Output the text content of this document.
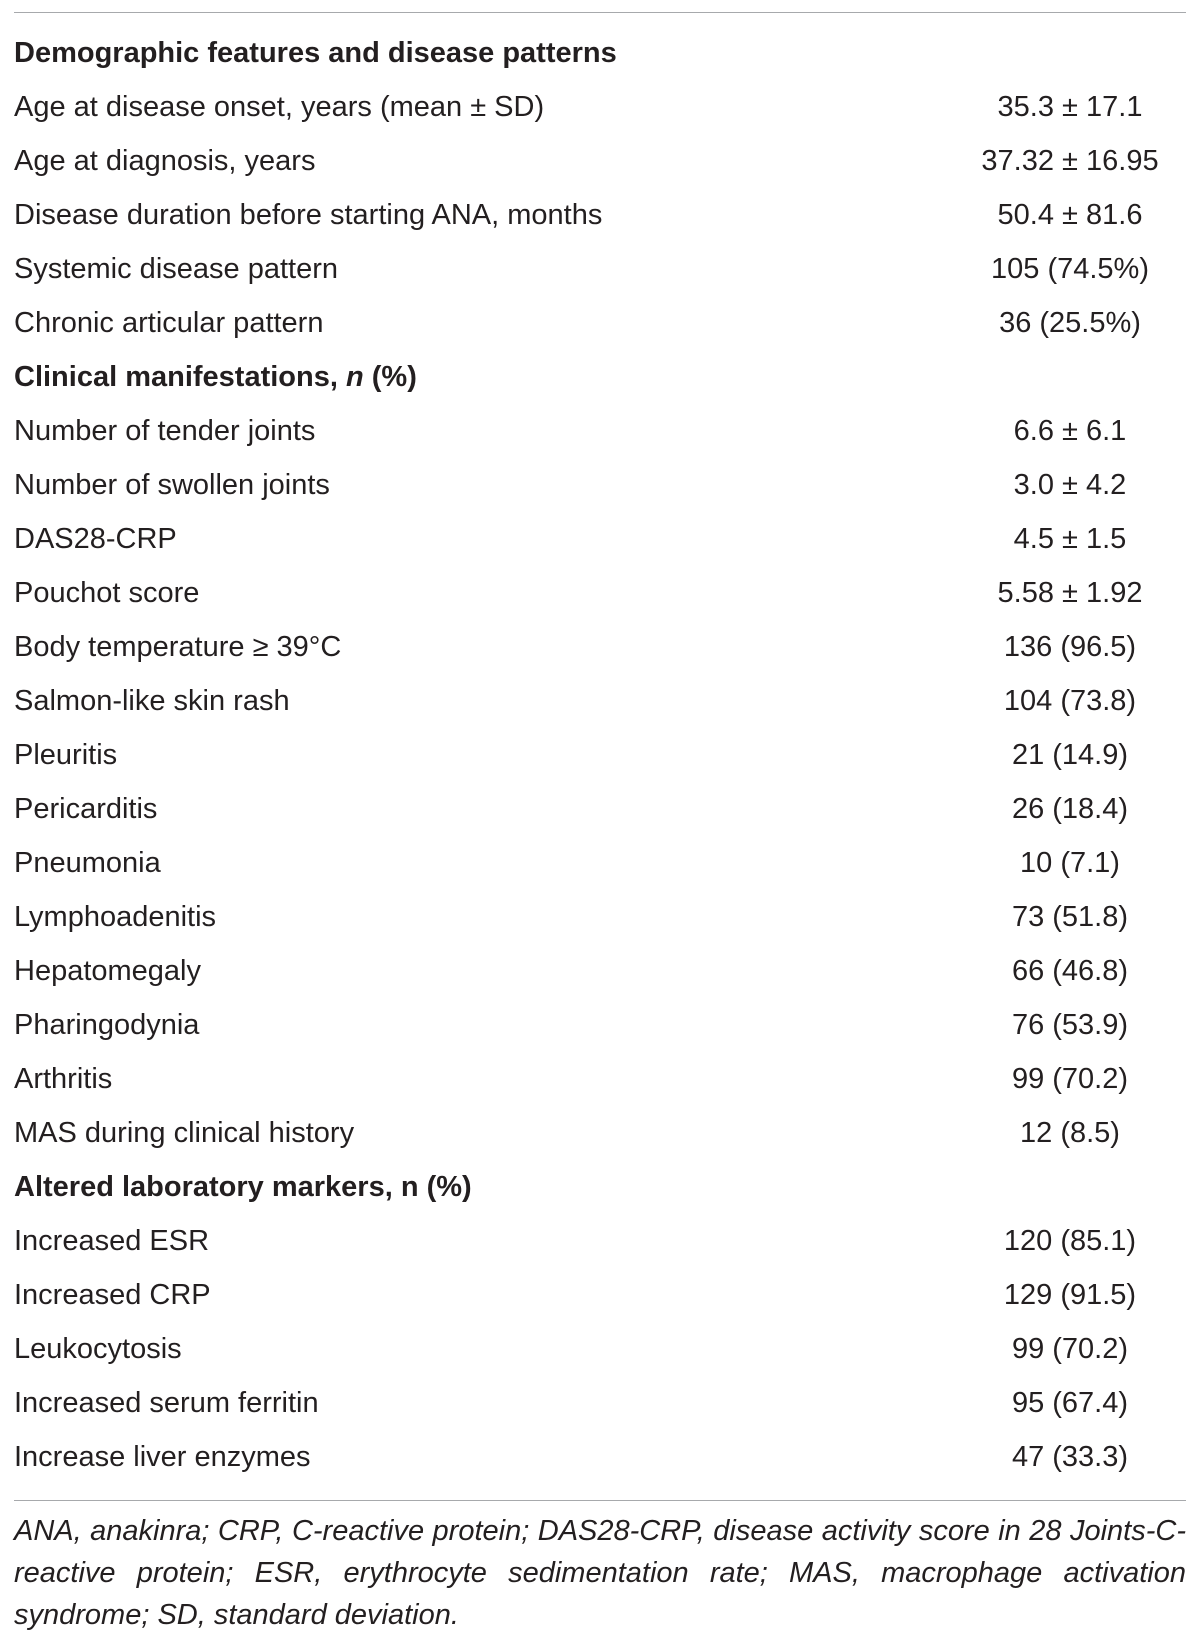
Demographic features and disease patterns
Age at disease onset, years (mean ± SD)	35.3 ± 17.1
Age at diagnosis, years	37.32 ± 16.95
Disease duration before starting ANA, months	50.4 ± 81.6
Systemic disease pattern	105 (74.5%)
Chronic articular pattern	36 (25.5%)
Clinical manifestations, n (%)
Number of tender joints	6.6 ± 6.1
Number of swollen joints	3.0 ± 4.2
DAS28-CRP	4.5 ± 1.5
Pouchot score	5.58 ± 1.92
Body temperature ≥ 39°C	136 (96.5)
Salmon-like skin rash	104 (73.8)
Pleuritis	21 (14.9)
Pericarditis	26 (18.4)
Pneumonia	10 (7.1)
Lymphoadenitis	73 (51.8)
Hepatomegaly	66 (46.8)
Pharingodynia	76 (53.9)
Arthritis	99 (70.2)
MAS during clinical history	12 (8.5)
Altered laboratory markers, n (%)
Increased ESR	120 (85.1)
Increased CRP	129 (91.5)
Leukocytosis	99 (70.2)
Increased serum ferritin	95 (67.4)
Increase liver enzymes	47 (33.3)
ANA, anakinra; CRP, C-reactive protein; DAS28-CRP, disease activity score in 28 Joints-C-reactive protein; ESR, erythrocyte sedimentation rate; MAS, macrophage activation syndrome; SD, standard deviation.
